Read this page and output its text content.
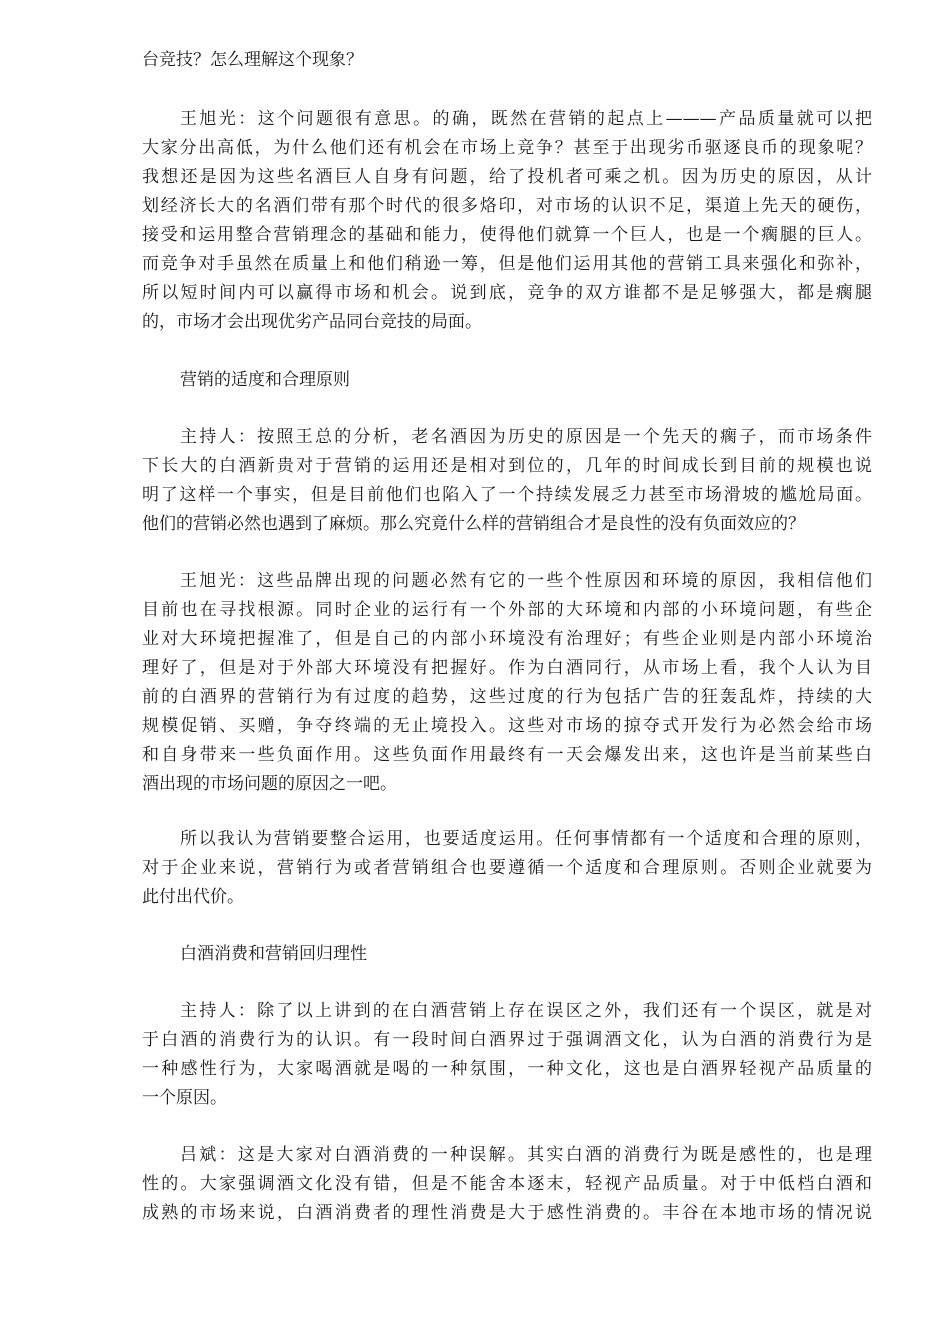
台竞技？怎么理解这个现象？

王旭光：这个问题很有意思。的确，既然在营销的起点上———产品质量就可以把
大家分出高低，为什么他们还有机会在市场上竞争？甚至于出现劣币驱逐良币的现象呢？
我想还是因为这些名酒巨人自身有问题，给了投机者可乘之机。因为历史的原因，从计
划经济长大的名酒们带有那个时代的很多烙印，对市场的认识不足，渠道上先天的硬伤，
接受和运用整合营销理念的基础和能力，使得他们就算一个巨人，也是一个瘸腿的巨人。
而竞争对手虽然在质量上和他们稍逊一筹，但是他们运用其他的营销工具来强化和弥补，
所以短时间内可以赢得市场和机会。说到底，竞争的双方谁都不是足够强大，都是瘸腿
的，市场才会出现优劣产品同台竞技的局面。

营销的适度和合理原则

主持人：按照王总的分析，老名酒因为历史的原因是一个先天的瘸子，而市场条件
下长大的白酒新贵对于营销的运用还是相对到位的，几年的时间成长到目前的规模也说
明了这样一个事实，但是目前他们也陷入了一个持续发展乏力甚至市场滑坡的尴尬局面。
他们的营销必然也遇到了麻烦。那么究竟什么样的营销组合才是良性的没有负面效应的？

王旭光：这些品牌出现的问题必然有它的一些个性原因和环境的原因，我相信他们
目前也在寻找根源。同时企业的运行有一个外部的大环境和内部的小环境问题，有些企
业对大环境把握准了，但是自己的内部小环境没有治理好；有些企业则是内部小环境治
理好了，但是对于外部大环境没有把握好。作为白酒同行，从市场上看，我个人认为目
前的白酒界的营销行为有过度的趋势，这些过度的行为包括广告的狂轰乱炸，持续的大
规模促销、买赠，争夺终端的无止境投入。这些对市场的掠夺式开发行为必然会给市场
和自身带来一些负面作用。这些负面作用最终有一天会爆发出来，这也许是当前某些白
酒出现的市场问题的原因之一吧。

所以我认为营销要整合运用，也要适度运用。任何事情都有一个适度和合理的原则，
对于企业来说，营销行为或者营销组合也要遵循一个适度和合理原则。否则企业就要为
此付出代价。

白酒消费和营销回归理性

主持人：除了以上讲到的在白酒营销上存在误区之外，我们还有一个误区，就是对
于白酒的消费行为的认识。有一段时间白酒界过于强调酒文化，认为白酒的消费行为是
一种感性行为，大家喝酒就是喝的一种氛围，一种文化，这也是白酒界轻视产品质量的
一个原因。

吕斌：这是大家对白酒消费的一种误解。其实白酒的消费行为既是感性的，也是理
性的。大家强调酒文化没有错，但是不能舍本逐末，轻视产品质量。对于中低档白酒和
成熟的市场来说，白酒消费者的理性消费是大于感性消费的。丰谷在本地市场的情况说
